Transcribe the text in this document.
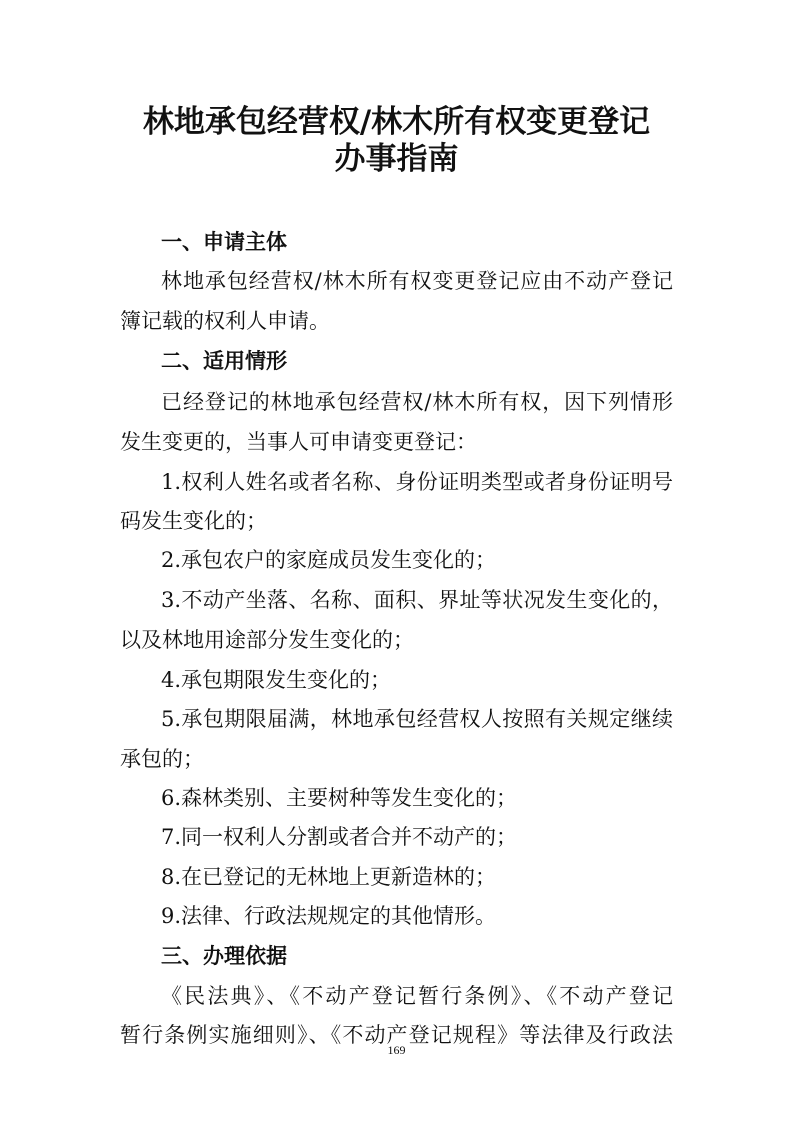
林地承包经营权/林木所有权变更登记
办事指南
一、申请主体
林地承包经营权/林木所有权变更登记应由不动产登记
簿记载的权利人申请。
二、适用情形
已经登记的林地承包经营权/林木所有权，因下列情形
发生变更的，当事人可申请变更登记：
1.权利人姓名或者名称、身份证明类型或者身份证明号
码发生变化的；
2.承包农户的家庭成员发生变化的；
3.不动产坐落、名称、面积、界址等状况发生变化的，
以及林地用途部分发生变化的；
4.承包期限发生变化的；
5.承包期限届满，林地承包经营权人按照有关规定继续
承包的；
6.森林类别、主要树种等发生变化的；
7.同一权利人分割或者合并不动产的；
8.在已登记的无林地上更新造林的；
9.法律、行政法规规定的其他情形。
三、办理依据
《民法典》、《不动产登记暂行条例》、《不动产登记
暂行条例实施细则》、《不动产登记规程》等法律及行政法
169
